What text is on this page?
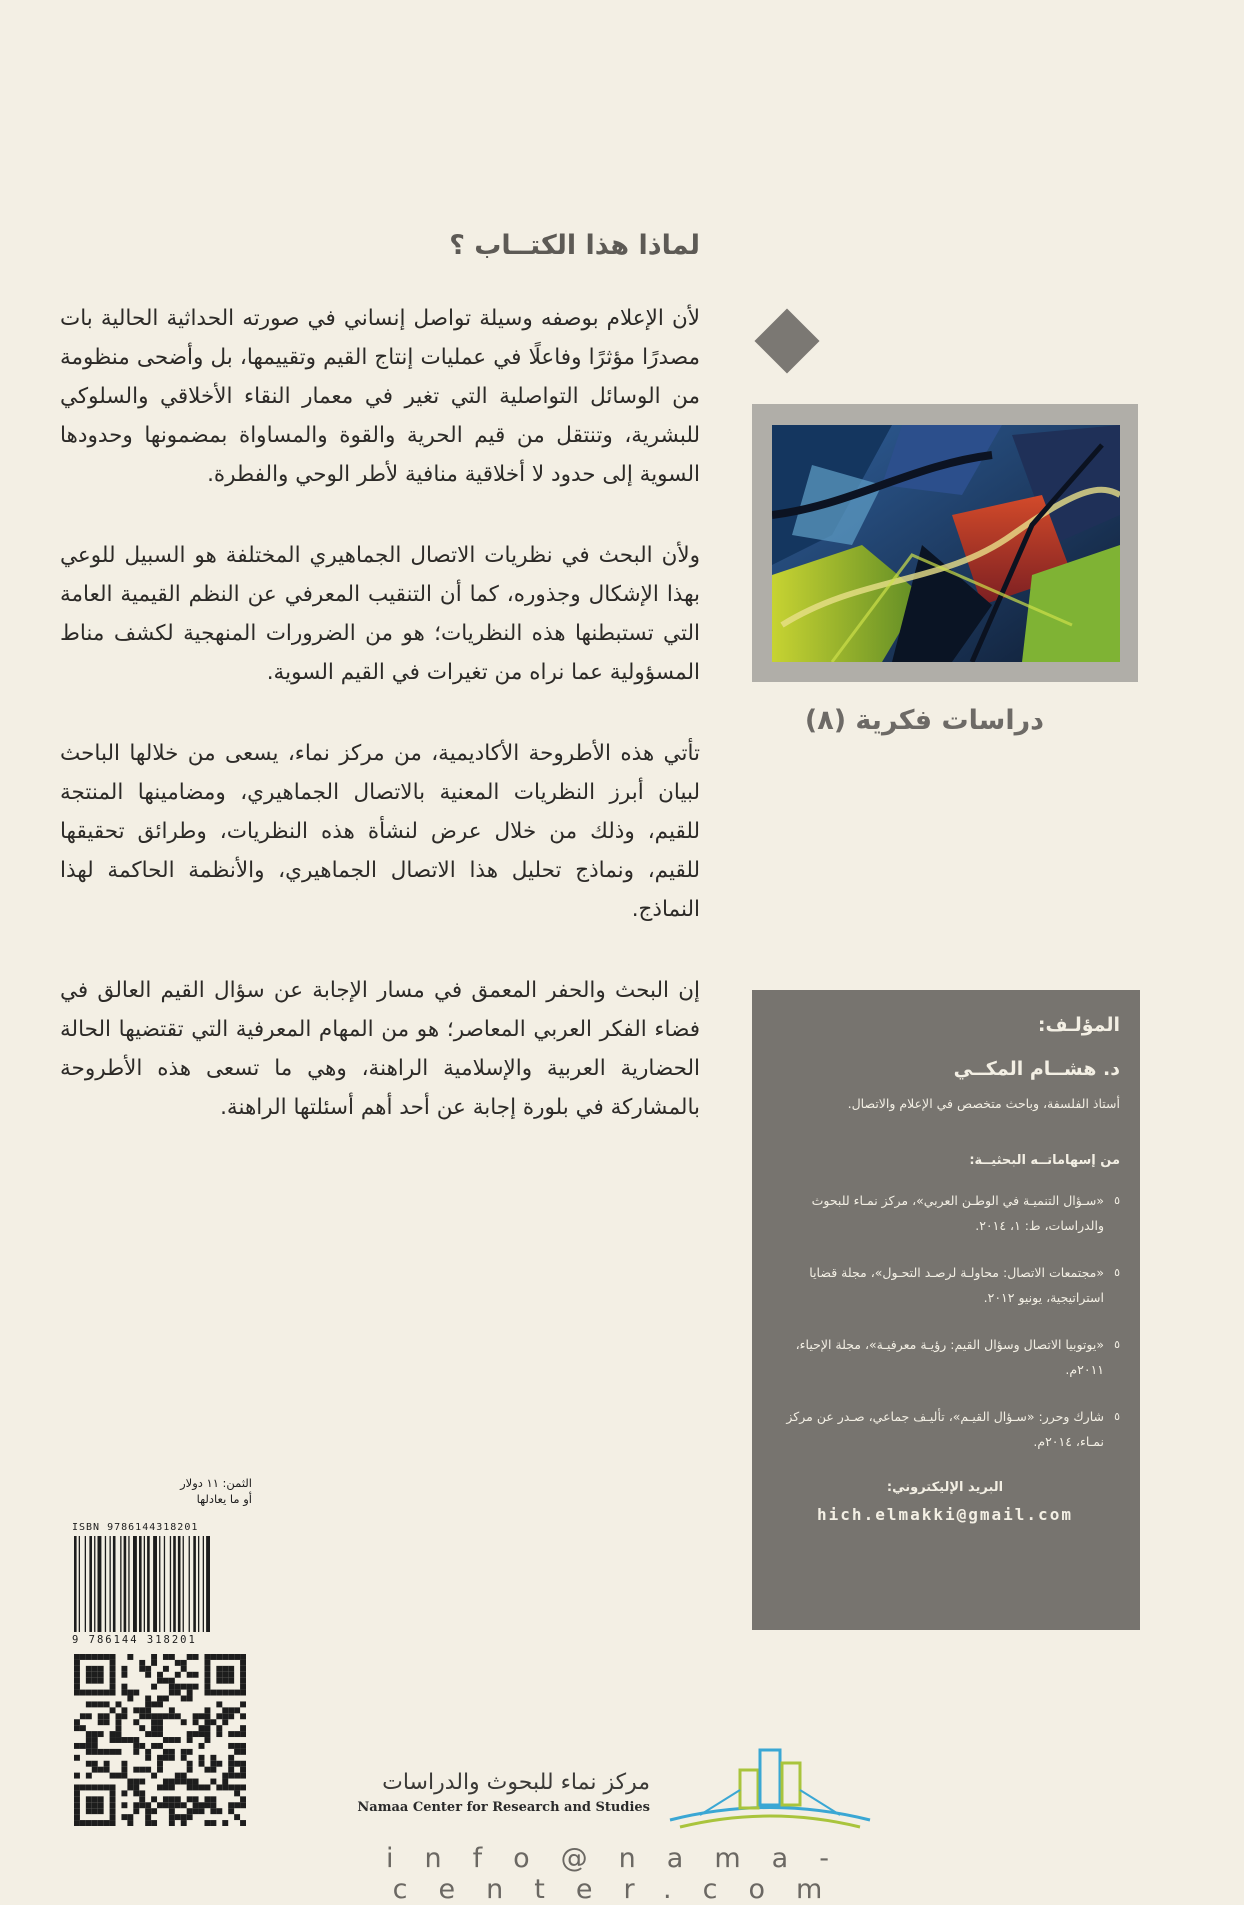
لماذا هذا الكتــاب ؟

لأن الإعلام بوصفه وسيلة تواصل إنساني في صورته الحداثية الحالية بات مصدرًا مؤثرًا وفاعلًا في عمليات إنتاج القيم وتقييمها، بل وأضحى منظومة من الوسائل التواصلية التي تغير في معمار النقاء الأخلاقي والسلوكي للبشرية، وتنتقل من قيم الحرية والقوة والمساواة بمضمونها وحدودها السوية إلى حدود لا أخلاقية منافية لأطر الوحي والفطرة.

ولأن البحث في نظريات الاتصال الجماهيري المختلفة هو السبيل للوعي بهذا الإشكال وجذوره، كما أن التنقيب المعرفي عن النظم القيمية العامة التي تستبطنها هذه النظريات؛ هو من الضرورات المنهجية لكشف مناط المسؤولية عما نراه من تغيرات في القيم السوية.

تأتي هذه الأطروحة الأكاديمية، من مركز نماء، يسعى من خلالها الباحث لبيان أبرز النظريات المعنية بالاتصال الجماهيري، ومضامينها المنتجة للقيم، وذلك من خلال عرض لنشأة هذه النظريات، وطرائق تحقيقها للقيم، ونماذج تحليل هذا الاتصال الجماهيري، والأنظمة الحاكمة لهذا النماذج.

إن البحث والحفر المعمق في مسار الإجابة عن سؤال القيم العالق في فضاء الفكر العربي المعاصر؛ هو من المهام المعرفية التي تقتضيها الحالة الحضارية العربية والإسلامية الراهنة، وهي ما تسعى هذه الأطروحة بالمشاركة في بلورة إجابة عن أحد أهم أسئلتها الراهنة.

دراسات فكرية (٨)
المؤلـف:
د. هشــام المكــي
أستاذ الفلسفة، وباحث متخصص في الإعلام والاتصال.
من إسهاماتــه البحثيــة:
٥
«سـؤال التنميـة في الوطـن العربي»، مركز نمـاء للبحوث والدراسات، ط: ١، ٢٠١٤.
٥
«مجتمعات الاتصال: محاولـة لرصـد التحـول»، مجلة قضايا استراتيجية، يونيو ٢٠١٢.
٥
«يوتوبيا الاتصال وسؤال القيم: رؤيـة معرفيـة»، مجلة الإحياء، ٢٠١١م.
٥
شارك وحرر: «سـؤال القيـم»، تأليـف جماعي، صـدر عن مركز نمـاء، ٢٠١٤م.
البريد الإليكتروني:
hich.elmakki@gmail.com
الثمن: ١١ دولار
أو ما يعادلها
ISBN 9786144318201
9 786144 318201
مركز نماء للبحوث والدراسات
Namaa Center for Research and Studies
info@nama-center.com
